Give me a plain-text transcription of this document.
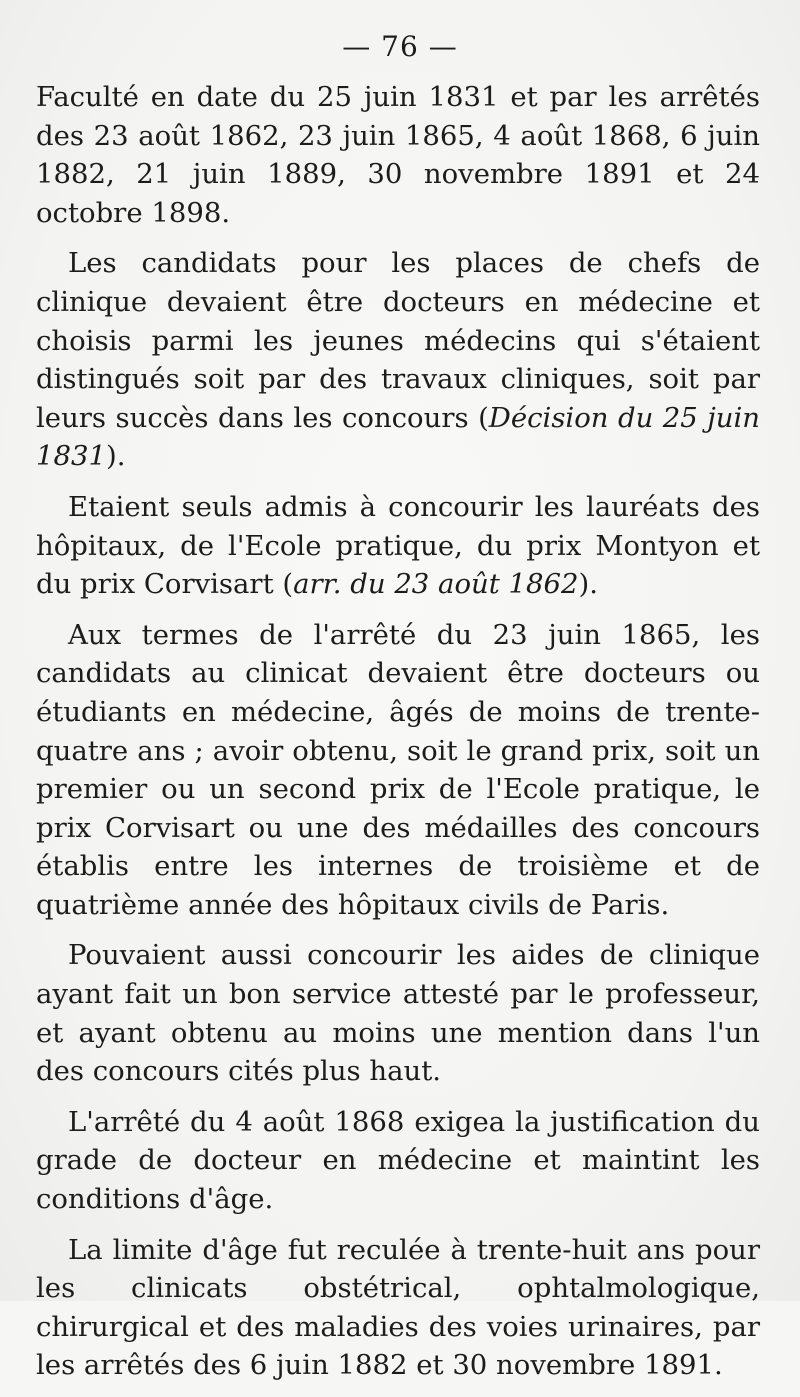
— 76 —

Faculté en date du 25 juin 1831 et par les arrêtés des 23 août 1862, 23 juin 1865, 4 août 1868, 6 juin 1882, 21 juin 1889, 30 novembre 1891 et 24 octobre 1898.

Les candidats pour les places de chefs de clinique devaient être docteurs en médecine et choisis parmi les jeunes médecins qui s'étaient distingués soit par des travaux cliniques, soit par leurs succès dans les concours (Décision du 25 juin 1831).

Etaient seuls admis à concourir les lauréats des hôpitaux, de l'Ecole pratique, du prix Montyon et du prix Corvisart (arr. du 23 août 1862).

Aux termes de l'arrêté du 23 juin 1865, les candidats au clinicat devaient être docteurs ou étudiants en médecine, âgés de moins de trente-quatre ans ; avoir obtenu, soit le grand prix, soit un premier ou un second prix de l'Ecole pratique, le prix Corvisart ou une des médailles des concours établis entre les internes de troisième et de quatrième année des hôpitaux civils de Paris.

Pouvaient aussi concourir les aides de clinique ayant fait un bon service attesté par le professeur, et ayant obtenu au moins une mention dans l'un des concours cités plus haut.

L'arrêté du 4 août 1868 exigea la justification du grade de docteur en médecine et maintint les conditions d'âge.

La limite d'âge fut reculée à trente-huit ans pour les clinicats obstétrical, ophtalmologique, chirurgical et des maladies des voies urinaires, par les arrêtés des 6 juin 1882 et 30 novembre 1891.
